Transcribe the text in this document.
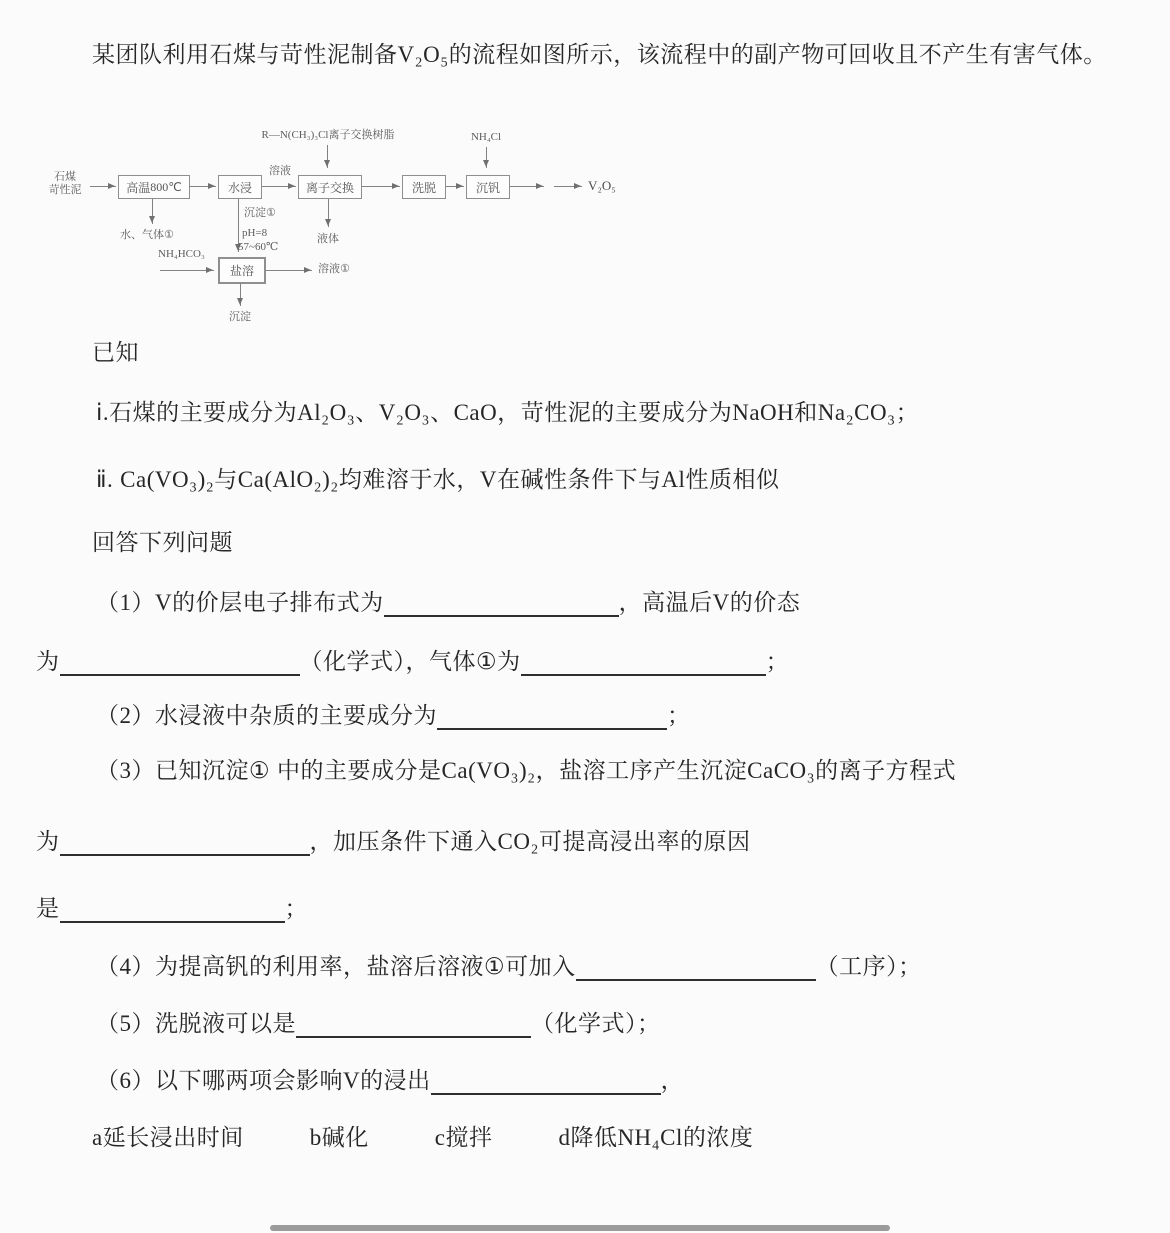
某团队利用石煤与苛性泥制备V₂O₅的流程如图所示，该流程中的副产物可回收且不产生有害气体。

R—N(CH₃)₃Cl离子交换树脂	NH₄Cl
石煤
苛性泥	高温 800 ℃	水浸
溶液
离子交换	洗脱	沉钒	V₂O₅
水、气体①
沉淀①
pH=8
57~60℃
液体
NH₄HCO₃
盐溶	溶液①
沉淀

已知

ⅰ.石煤的主要成分为Al₂O₃、V₂O₃、CaO，苛性泥的主要成分为NaOH和Na₂CO₃；

ⅱ. Ca(VO₃)₂与Ca(AlO₂)₂均难溶于水，V在碱性条件下与Al性质相似

回答下列问题

（1）V的价层电子排布式为	，高温后V的价态

为	（化学式），气体①为	；

（2）水浸液中杂质的主要成分为	；

（3）已知沉淀① 中的主要成分是Ca(VO₃)₂，盐溶工序产生沉淀CaCO₃的离子方程式

为	，加压条件下通入CO₂可提高浸出率的原因

是	；

（4）为提高钒的利用率，盐溶后溶液①可加入	（工序）；

（5）洗脱液可以是	（化学式）；

（6）以下哪两项会影响V的浸出	，

a延长浸出时间	b碱化	c搅拌	d降低NH₄Cl的浓度
